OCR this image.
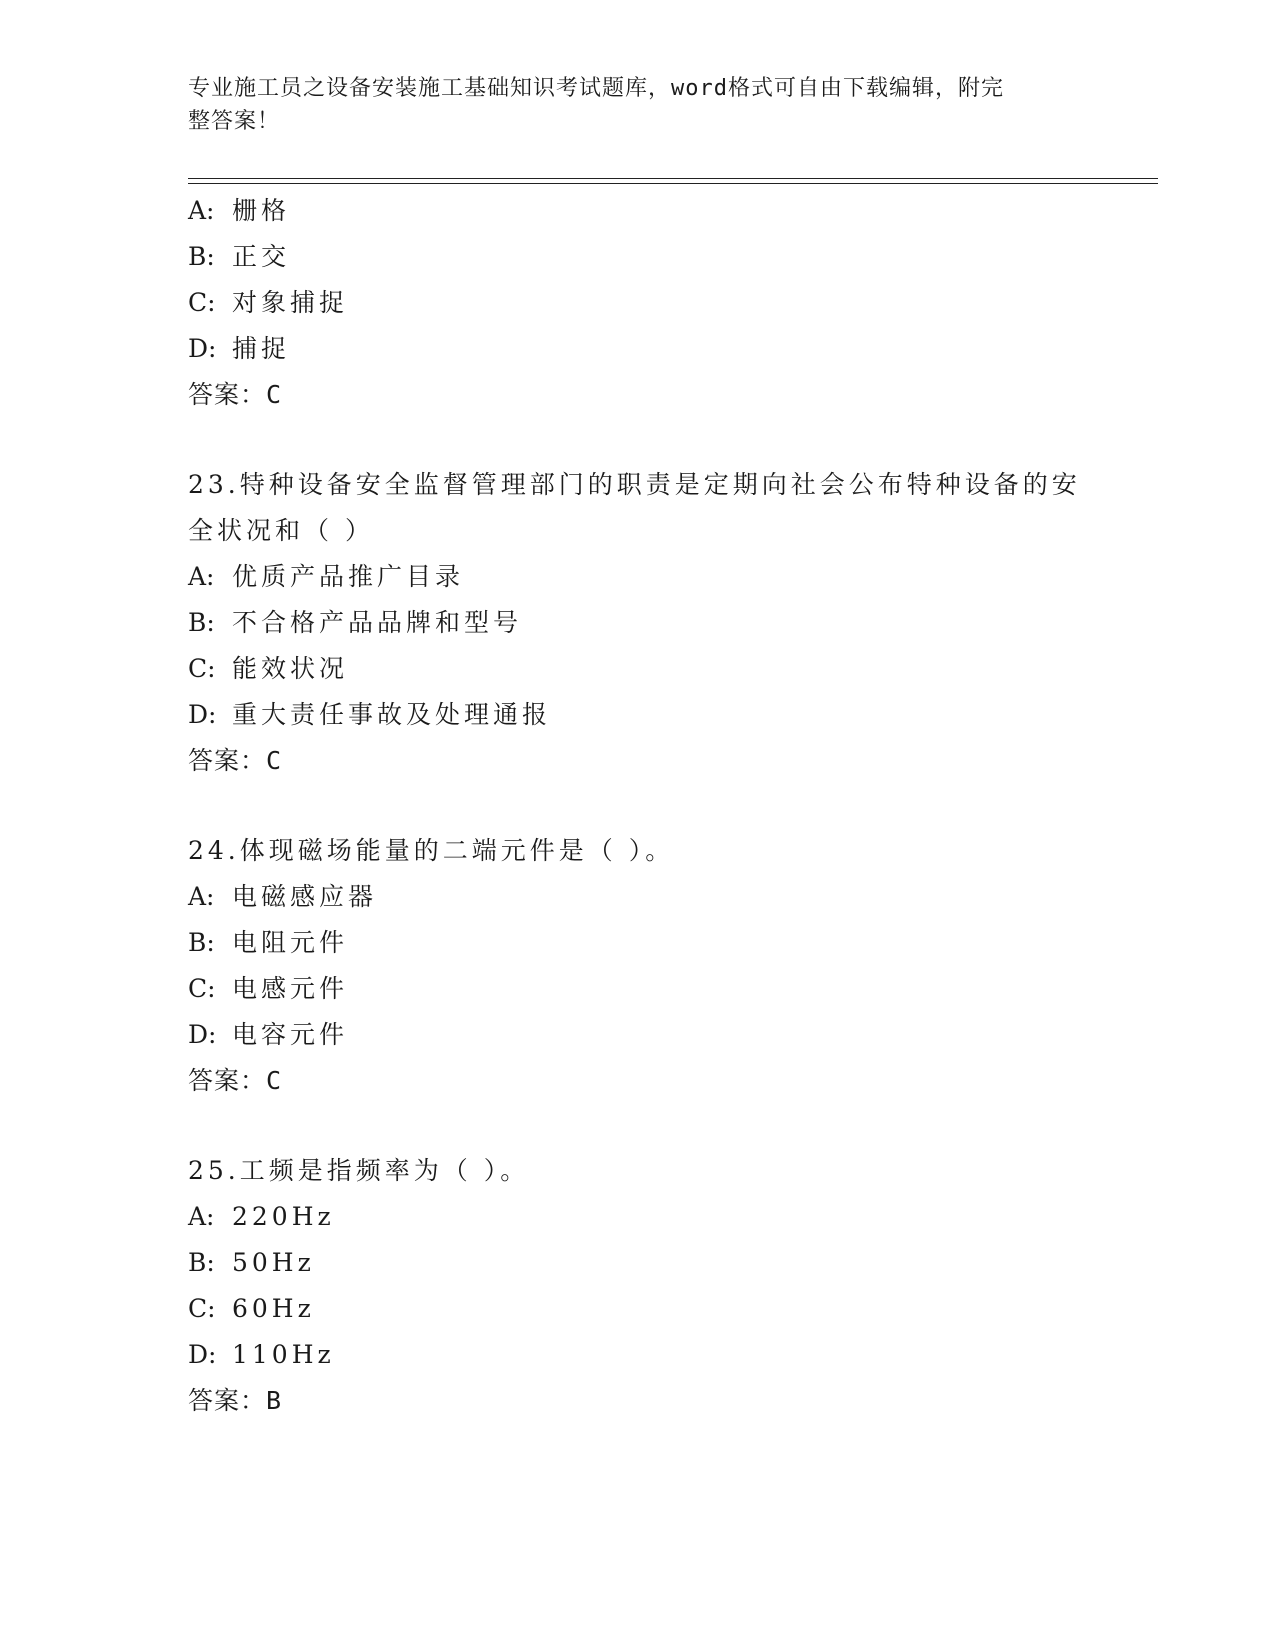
专业施工员之设备安装施工基础知识考试题库，word格式可自由下载编辑，附完
整答案！
A: 栅格
B: 正交
C: 对象捕捉
D: 捕捉
答案：C
23.特种设备安全监督管理部门的职责是定期向社会公布特种设备的安
全状况和（ ）
A: 优质产品推广目录
B: 不合格产品品牌和型号
C: 能效状况
D: 重大责任事故及处理通报
答案：C
24.体现磁场能量的二端元件是（ ）。
A: 电磁感应器
B: 电阻元件
C: 电感元件
D: 电容元件
答案：C
25.工频是指频率为（ ）。
A: 220Hz
B: 50Hz
C: 60Hz
D: 110Hz
答案：B
